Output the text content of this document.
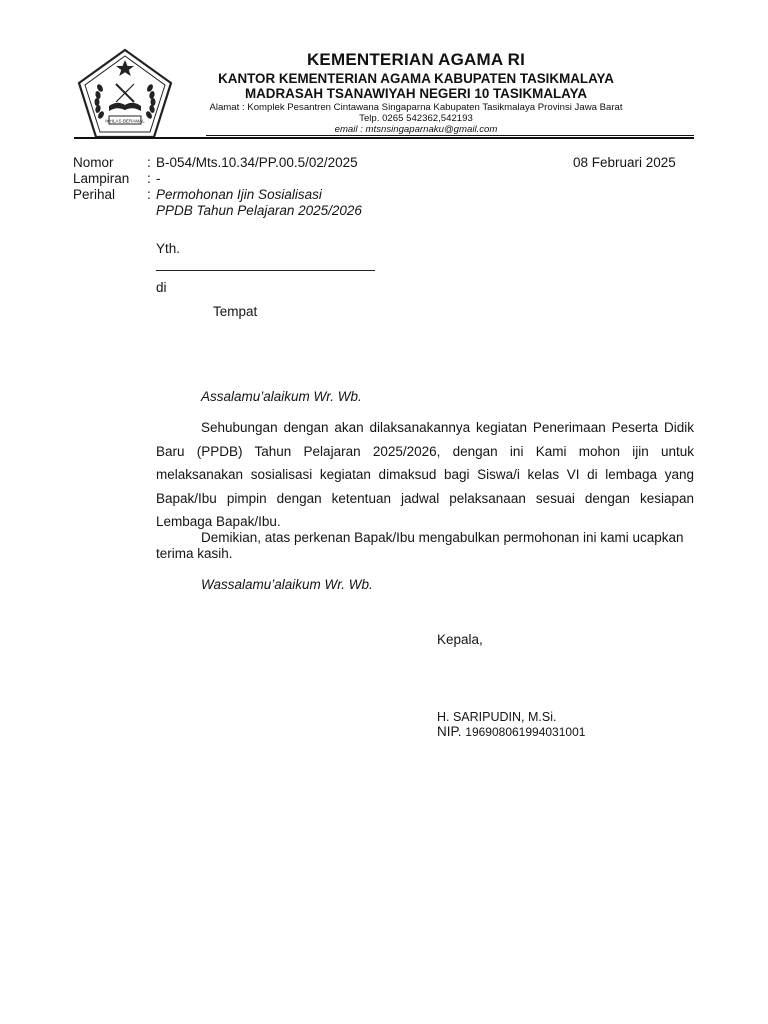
IKHLAS BERAMAL
KEMENTERIAN AGAMA RI
KANTOR KEMENTERIAN AGAMA KABUPATEN TASIKMALAYA
MADRASAH TSANAWIYAH NEGERI 10 TASIKMALAYA
Alamat : Komplek Pesantren Cintawana Singaparna Kabupaten Tasikmalaya Provinsi Jawa Barat
Telp. 0265 542362,542193
email : mtsnsingaparnaku@gmail.com
Nomor : B-054/Mts.10.34/PP.00.5/02/2025	08 Februari 2025
Lampiran : -
Perihal : Permohonan Ijin Sosialisasi
PPDB Tahun Pelajaran 2025/2026
Yth.
di
Tempat
Assalamu’alaikum Wr. Wb.
Sehubungan dengan akan dilaksanakannya kegiatan Penerimaan Peserta Didik Baru (PPDB) Tahun Pelajaran 2025/2026, dengan ini Kami mohon ijin untuk melaksanakan sosialisasi kegiatan dimaksud bagi Siswa/i kelas VI di lembaga yang Bapak/Ibu pimpin dengan ketentuan jadwal pelaksanaan sesuai dengan kesiapan Lembaga Bapak/Ibu.
Demikian, atas perkenan Bapak/Ibu mengabulkan permohonan ini kami ucapkan terima kasih.
Wassalamu’alaikum Wr. Wb.
Kepala,
H. SARIPUDIN, M.Si.
NIP. 196908061994031001
